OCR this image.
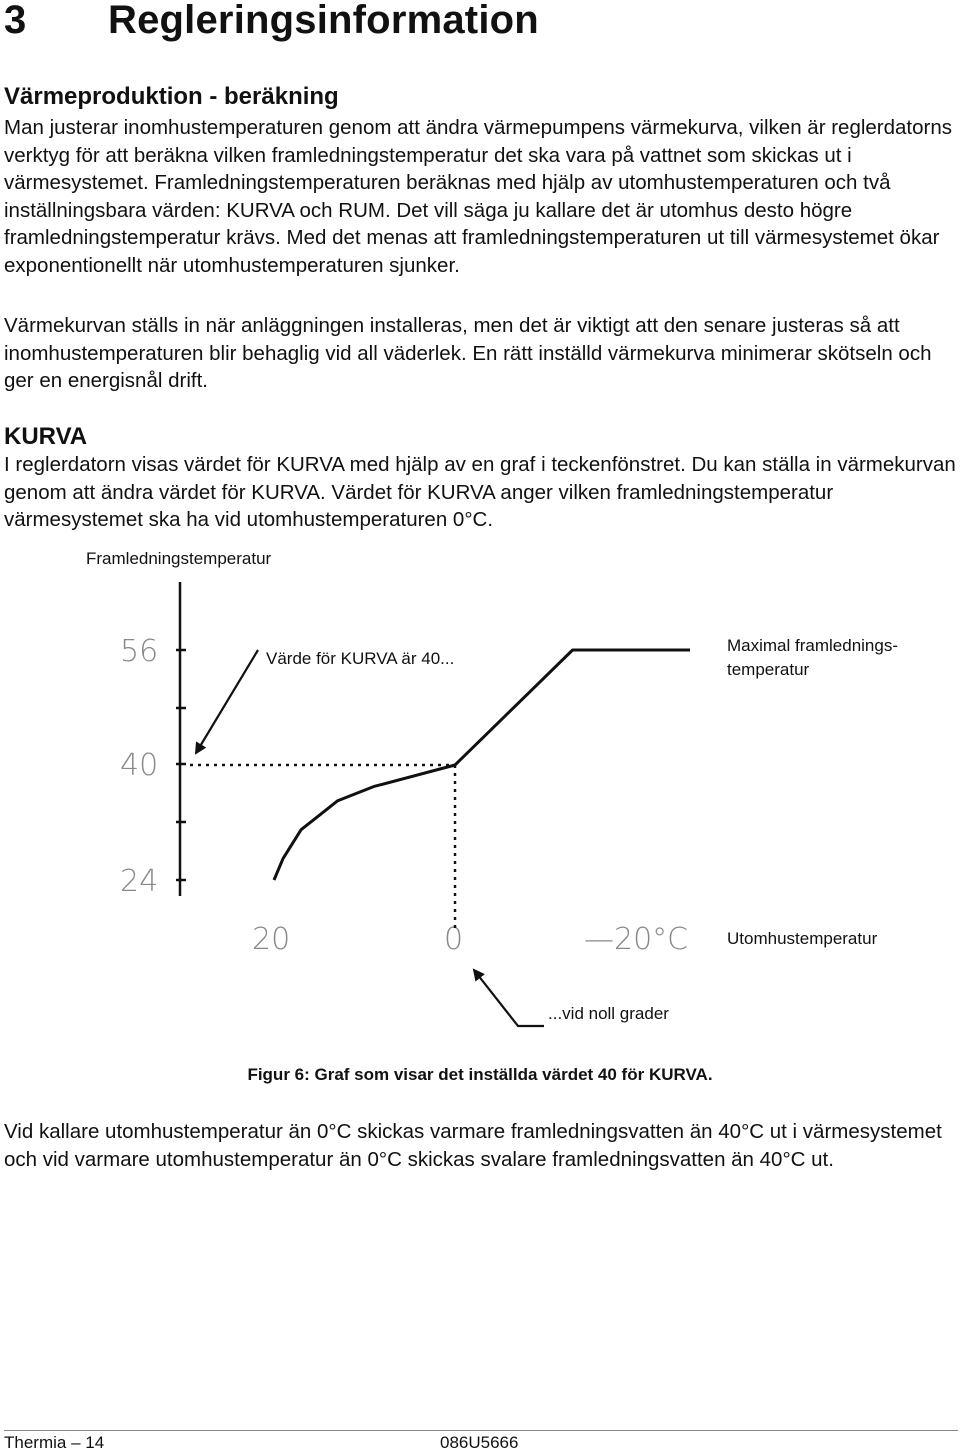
3 Regleringsinformation
Värmeproduktion - beräkning

Man justerar inomhustemperaturen genom att ändra värmepumpens värmekurva, vilken är reglerdatorns verktyg för att beräkna vilken framledningstemperatur det ska vara på vattnet som skickas ut i värmesystemet. Framledningstemperaturen beräknas med hjälp av utomhustemperaturen och två inställningsbara värden: KURVA och RUM. Det vill säga ju kallare det är utomhus desto högre framledningstemperatur krävs. Med det menas att framledningstemperaturen ut till värmesystemet ökar exponentionellt när utomhustemperaturen sjunker.

Värmekurvan ställs in när anläggningen installeras, men det är viktigt att den senare justeras så att inomhustemperaturen blir behaglig vid all väderlek. En rätt inställd värmekurva minimerar skötseln och ger en energisnål drift.

KURVA

I reglerdatorn visas värdet för KURVA med hjälp av en graf i teckenfönstret. Du kan ställa in värmekurvan genom att ändra värdet för KURVA. Värdet för KURVA anger vilken framledningstemperatur värmesystemet ska ha vid utomhustemperaturen 0°C.

Framledningstemperatur
56
40
24
20	0	—20°C Utomhustemperatur
Värde för KURVA är 40...
Maximal framlednings-
temperatur
...vid noll grader

Figur 6: Graf som visar det inställda värdet 40 för KURVA.

Vid kallare utomhustemperatur än 0°C skickas varmare framledningsvatten än 40°C ut i värmesystemet och vid varmare utomhustemperatur än 0°C skickas svalare framledningsvatten än 40°C ut.

Thermia – 14	086U5666
